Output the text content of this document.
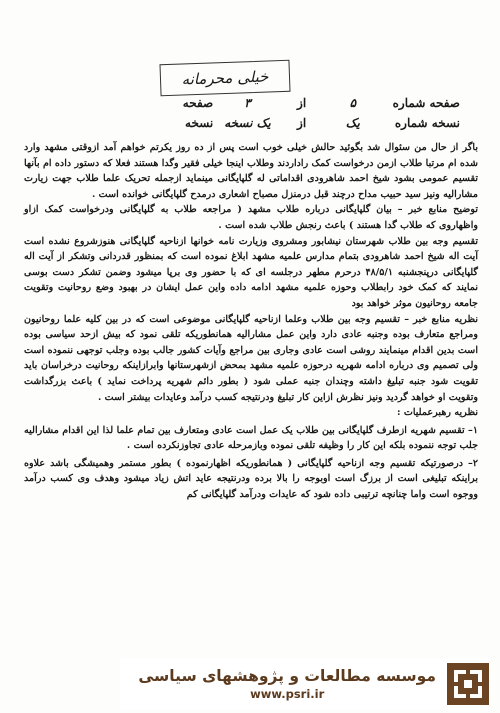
خیلی محرمانه
صفحه شماره ۵ از ۳ صفحه
نسخه شماره یک از یک نسخه نسخه

باگر از حال من سئوال شد بگوئید حالش خیلی خوب است پس از ده روز یکرتم خواهم آمد ازوقتی مشهد وارد شده ام مرتبا طلاب ازمن درخواست کمک راداردند وطلاب اینجا خیلی فقیر وگدا هستند فعلا که دستور داده ام بآنها تقسیم عمومی بشود شیخ احمد شاهرودی اقداماتی له گلپایگانی مینماید ازجمله تحریک علما طلاب جهت زیارت مشارالیه ونیز سید حبیب مداح درچند قبل درمنزل مصباح اشعاری درمدح گلپایگانی خوانده است .

توضیح منابع خبر – بیان گلپایگانی درباره طلاب مشهد ( مراجعه طلاب به گلپایگانی ودرخواست کمک ازاو واظهاروی که طلاب گدا هستند ) باعث رنجش طلاب شده است .

تقسیم وجه بین طلاب شهرستان نیشابور ومشروی وزیارت نامه خوانها ازناحیه گلپایگانی هنوزشروع نشده است آیت اله شیخ احمد شاهرودی بتمام مدارس علمیه مشهد ابلاغ نموده است که بمنظور قدردانی وتشکر از آیت اله گلپایگانی درپنجشنبه ۴۸/۵/۱ درحرم مطهر درجلسه ای که با حضور وی برپا میشود وضمن تشکر دست بوسی نمایند که کمک خود رابطلاب وحوزه علمیه مشهد ادامه داده واین عمل ایشان در بهبود وضع روحانیت وتقویت جامعه روحانیون موثر خواهد بود

نظریه منابع خبر – تقسیم وجه بین طلاب وعلما ازناحیه گلپایگانی موضوعی است که در بین کلیه علما روحانیون ومراجع متعارف بوده وجنبه عادی دارد واین عمل مشارالیه همانطوریکه تلقی نمود که بیش ازحد سیاسی بوده است بدین اقدام مینمایند روشی است عادی وجاری بین مراجع وآیات کشور جالب بوده وجلب توجهی ننموده است ولی تصمیم وی درباره ادامه شهریه درحوزه علمیه مشهد بمحض ازشهرستانها وابرازاینکه روحانیت درخراسان باید تقویت شود جنبه تبلیغ داشته وچندان جنبه عملی شود ( بطور دائم شهریه پرداخت نماید ) باعث بزرگداشت وتقویت او خواهد گردید ونیز نظرش ازاین کار تبلیغ ودرنتیجه کسب درآمد وعایدات بیشتر است .

نظریه رهبرعملیات :

۱– تقسیم شهریه ازطرف گلپایگانی بین طلاب یک عمل است عادی ومتعارف بین تمام علما لذا این اقدام مشارالیه جلب توجه ننموده بلکه این کار را وظیفه تلقی نموده وبازمرحله عادی تجاوزنکرده است .

۲– درصورتیکه تقسیم وجه ازناحیه گلپایگانی ( همانطوریکه اظهارنموده ) بطور مستمر وهمیشگی باشد علاوه براینکه تبلیغی است از برزگ است اوبوجه را بالا برده ودرنتیجه عاید اتش زیاد میشود وهدف وی کسب درآمد ووجوه است واما چنانچه ترتیبی داده شود که عایدات ودرآمد گلپایگانی کم

موسسه مطالعات و پژوهشهای سیاسی
www.psri.ir
